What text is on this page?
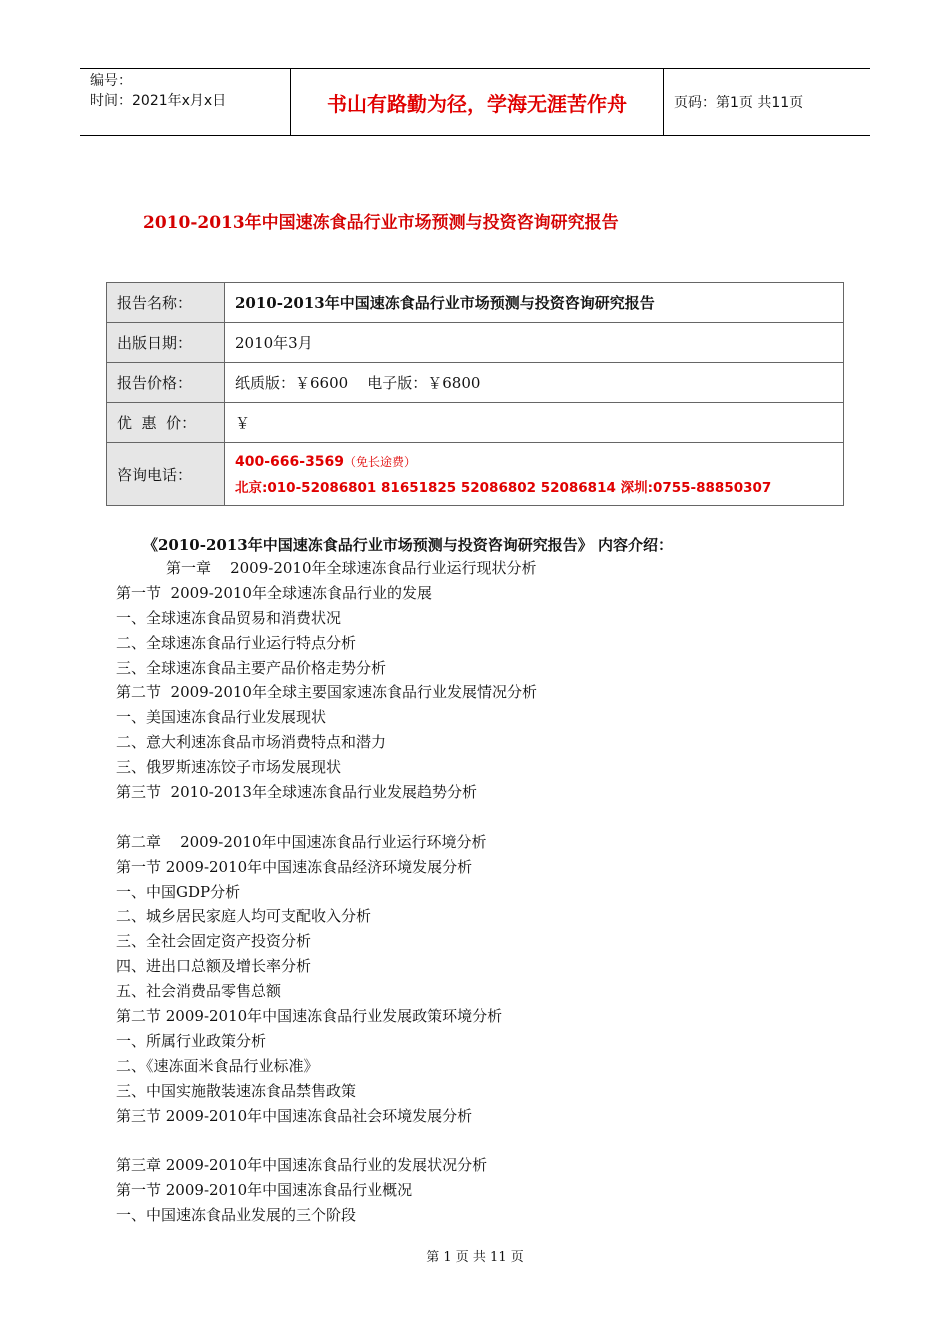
编号：
时间：2021年x月x日	书山有路勤为径，学海无涯苦作舟	页码：第1页 共11页
2010-2013年中国速冻食品行业市场预测与投资咨询研究报告
报告名称：	2010-2013年中国速冻食品行业市场预测与投资咨询研究报告
出版日期：	2010年3月
报告价格：	纸质版：￥6600    电子版：￥6800
优  惠  价：	￥
咨询电话：	400-666-3569（免长途费）
北京:010-52086801 81651825 52086802 52086814 深圳:0755-88850307
《2010-2013年中国速冻食品行业市场预测与投资咨询研究报告》 内容介绍：
第一章    2009-2010年全球速冻食品行业运行现状分析
第一节  2009-2010年全球速冻食品行业的发展
一、全球速冻食品贸易和消费状况
二、全球速冻食品行业运行特点分析
三、全球速冻食品主要产品价格走势分析
第二节  2009-2010年全球主要国家速冻食品行业发展情况分析
一、美国速冻食品行业发展现状
二、意大利速冻食品市场消费特点和潜力
三、俄罗斯速冻饺子市场发展现状
第三节  2010-2013年全球速冻食品行业发展趋势分析
第二章    2009-2010年中国速冻食品行业运行环境分析
第一节 2009-2010年中国速冻食品经济环境发展分析
一、中国GDP分析
二、城乡居民家庭人均可支配收入分析
三、全社会固定资产投资分析
四、进出口总额及增长率分析
五、社会消费品零售总额
第二节 2009-2010年中国速冻食品行业发展政策环境分析
一、所属行业政策分析
二、《速冻面米食品行业标准》
三、中国实施散装速冻食品禁售政策
第三节 2009-2010年中国速冻食品社会环境发展分析
第三章 2009-2010年中国速冻食品行业的发展状况分析
第一节 2009-2010年中国速冻食品行业概况
一、中国速冻食品业发展的三个阶段
第 1 页 共 11 页
